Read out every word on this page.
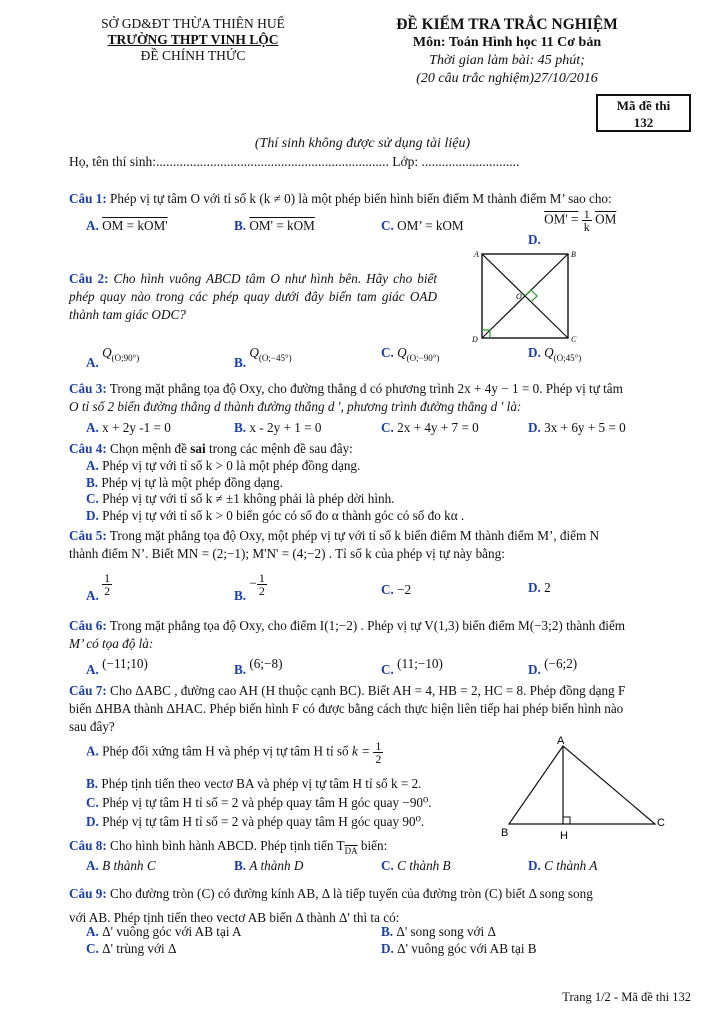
SỞ GD&ĐT THỪA THIÊN HUẾ
TRƯỜNG THPT VINH LỘC
ĐỀ CHÍNH THỨC
ĐỀ KIỂM TRA TRẮC NGHIỆM
Môn: Toán Hình học 11 Cơ bản
Thời gian làm bài: 45 phút;
(20 câu trắc nghiệm)27/10/2016
Mã đề thi
132
(Thí sinh không được sử dụng tài liệu)
Họ, tên thí sinh:..................................................................... Lớp: .............................
Câu 1: Phép vị tự tâm O với tỉ số k (k ≠ 0) là một phép biến hình biến điểm M thành điểm M’ sao cho:
A. OM = kOM'	B. OM' = kOM	C. OM’ = kOM
D. $OM' = \frac{1}{k} \overline{OM}$
Câu 2: Cho hình vuông ABCD tâm O như hình bên. Hãy cho biết phép quay nào trong các phép quay dưới đây biến tam giác OAD thành tam giác ODC?
A	B
C
D
O
A. $Q_{(O;90^\circ)}$	B. $Q_{(O;-45^\circ)}$	C. $Q_{(O;-90^\circ)}$	D. $Q_{(O;45^\circ)}$
Câu 3: Trong mặt phẳng tọa độ Oxy, cho đường thẳng d có phương trình 2x + 4y − 1 = 0. Phép vị tự tâm
O tỉ số 2 biến đường thẳng d thành đường thẳng d ', phương trình đường thẳng d ' là:
A. x + 2y -1 = 0	B. x - 2y + 1 = 0	C. 2x + 4y + 7 = 0	D. 3x + 6y + 5 = 0
Câu 4: Chọn mệnh đề sai trong các mệnh đề sau đây:
A. Phép vị tự với tỉ số k > 0 là một phép đồng dạng.
B. Phép vị tự là một phép đồng dạng.
C. Phép vị tự với tỉ số k ≠ ±1 không phải là phép dời hình.
D. Phép vị tự với tỉ số k > 0 biến góc có số đo α thành góc có số đo kα .
Câu 5: Trong mặt phẳng tọa độ Oxy, một phép vị tự với tỉ số k biến điểm M thành điểm M’, điểm N
thành điểm N’. Biết MN = (2;−1); M'N' = (4;−2) . Tỉ số k của phép vị tự này bằng:
A. $\frac{1}{2}$	B. − $\frac{1}{2}$	C. −2	D. 2
Câu 6: Trong mặt phẳng tọa độ Oxy, cho điểm I(1;−2) . Phép vị tự V(1,3) biến điểm M(−3;2) thành điểm
M’ có tọa độ là:
A. (−11;10)	B. (6;−8)	C. (11;−10)	D. (−6;2)
Câu 7: Cho ΔABC , đường cao AH (H thuộc cạnh BC). Biết AH = 4, HB = 2, HC = 8. Phép đồng dạng F
biến ΔHBA thành ΔHAC. Phép biến hình F có được bằng cách thực hiện liên tiếp hai phép biến hình nào
sau đây?
A. Phép đối xứng tâm H và phép vị tự tâm H tỉ số $k = \frac{1}{2}$
B. Phép tịnh tiến theo vectơ BA và phép vị tự tâm H tỉ số k = 2.
C. Phép vị tự tâm H tỉ số = 2 và phép quay tâm H góc quay −90⁰.
D. Phép vị tự tâm H tỉ số = 2 và phép quay tâm H góc quay 90⁰.
A
B
C
H
Câu 8: Cho hình bình hành ABCD. Phép tịnh tiến $T_{\overline{DA}}$ biến:
A. B thành C	B. A thành D	C. C thành B	D. C thành A
Câu 9: Cho đường tròn (C) có đường kính AB, Δ là tiếp tuyến của đường tròn (C) biết Δ song song
với AB. Phép tịnh tiến theo vectơ AB biến Δ thành Δ' thì ta có:
A. Δ' vuông góc với AB tại A	B. Δ' song song với Δ
C. Δ' trùng với Δ	D. Δ' vuông góc với AB tại B
Trang 1/2 - Mã đề thi 132
